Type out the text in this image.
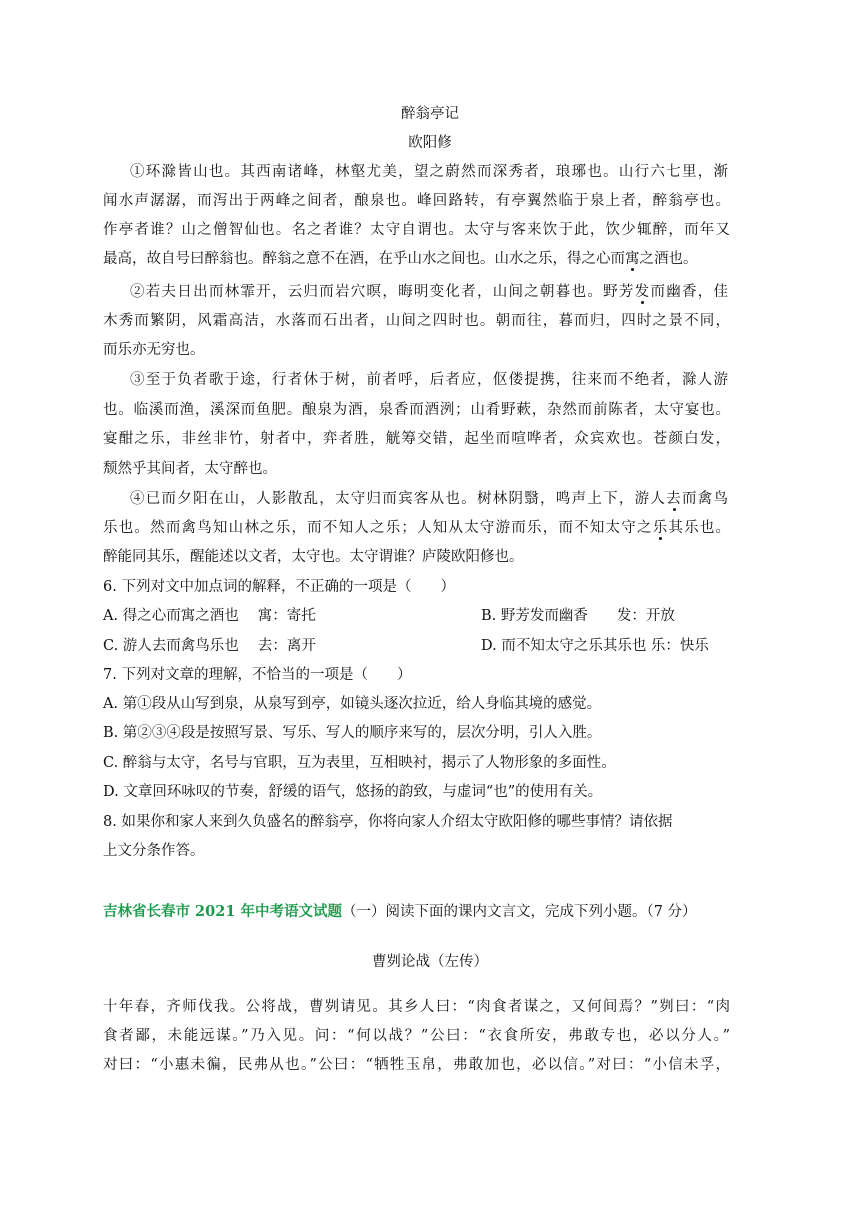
醉翁亭记
欧阳修
①环滁皆山也。其西南诸峰，林壑尤美，望之蔚然而深秀者，琅琊也。山行六七里，渐
闻水声潺潺，而泻出于两峰之间者，酿泉也。峰回路转，有亭翼然临于泉上者，醉翁亭也。
作亭者谁？山之僧智仙也。名之者谁？太守自谓也。太守与客来饮于此，饮少辄醉，而年又
最高，故自号曰醉翁也。醉翁之意不在酒，在乎山水之间也。山水之乐，得之心而寓之酒也。
②若夫日出而林霏开，云归而岩穴暝，晦明变化者，山间之朝暮也。野芳发而幽香，佳
木秀而繁阴，风霜高洁，水落而石出者，山间之四时也。朝而往，暮而归，四时之景不同，
而乐亦无穷也。
③至于负者歌于途，行者休于树，前者呼，后者应，伛偻提携，往来而不绝者，滁人游
也。临溪而渔，溪深而鱼肥。酿泉为酒，泉香而酒洌；山肴野蔌，杂然而前陈者，太守宴也。
宴酣之乐，非丝非竹，射者中，弈者胜，觥筹交错，起坐而喧哗者，众宾欢也。苍颜白发，
颓然乎其间者，太守醉也。
④已而夕阳在山，人影散乱，太守归而宾客从也。树林阴翳，鸣声上下，游人去而禽鸟
乐也。然而禽鸟知山林之乐，而不知人之乐；人知从太守游而乐，而不知太守之乐其乐也。
醉能同其乐，醒能述以文者，太守也。太守谓谁？庐陵欧阳修也。
6. 下列对文中加点词的解释，不正确的一项是（　　）
A. 得之心而寓之酒也　 寓：寄托	B. 野芳发而幽香　　发：开放
C. 游人去而禽鸟乐也　 去：离开	D. 而不知太守之乐其乐也 乐：快乐
7. 下列对文章的理解，不恰当的一项是（　　）
A. 第①段从山写到泉，从泉写到亭，如镜头逐次拉近，给人身临其境的感觉。
B. 第②③④段是按照写景、写乐、写人的顺序来写的，层次分明，引人入胜。
C. 醉翁与太守，名号与官职，互为表里，互相映衬，揭示了人物形象的多面性。
D. 文章回环咏叹的节奏，舒缓的语气，悠扬的韵致，与虚词“也”的使用有关。
8. 如果你和家人来到久负盛名的醉翁亭，你将向家人介绍太守欧阳修的哪些事情？请依据
上文分条作答。
吉林省长春市 2021 年中考语文试题（一）阅读下面的课内文言文，完成下列小题。（7 分）
曹刿论战（左传）
十年春，齐师伐我。公将战，曹刿请见。其乡人曰：“肉食者谋之，又何间焉？”刿曰：“肉
食者鄙，未能远谋。”乃入见。问：“何以战？”公曰：“衣食所安，弗敢专也，必以分人。”
对曰：“小惠未徧，民弗从也。”公曰：“牺牲玉帛，弗敢加也，必以信。”对曰：“小信未孚，
